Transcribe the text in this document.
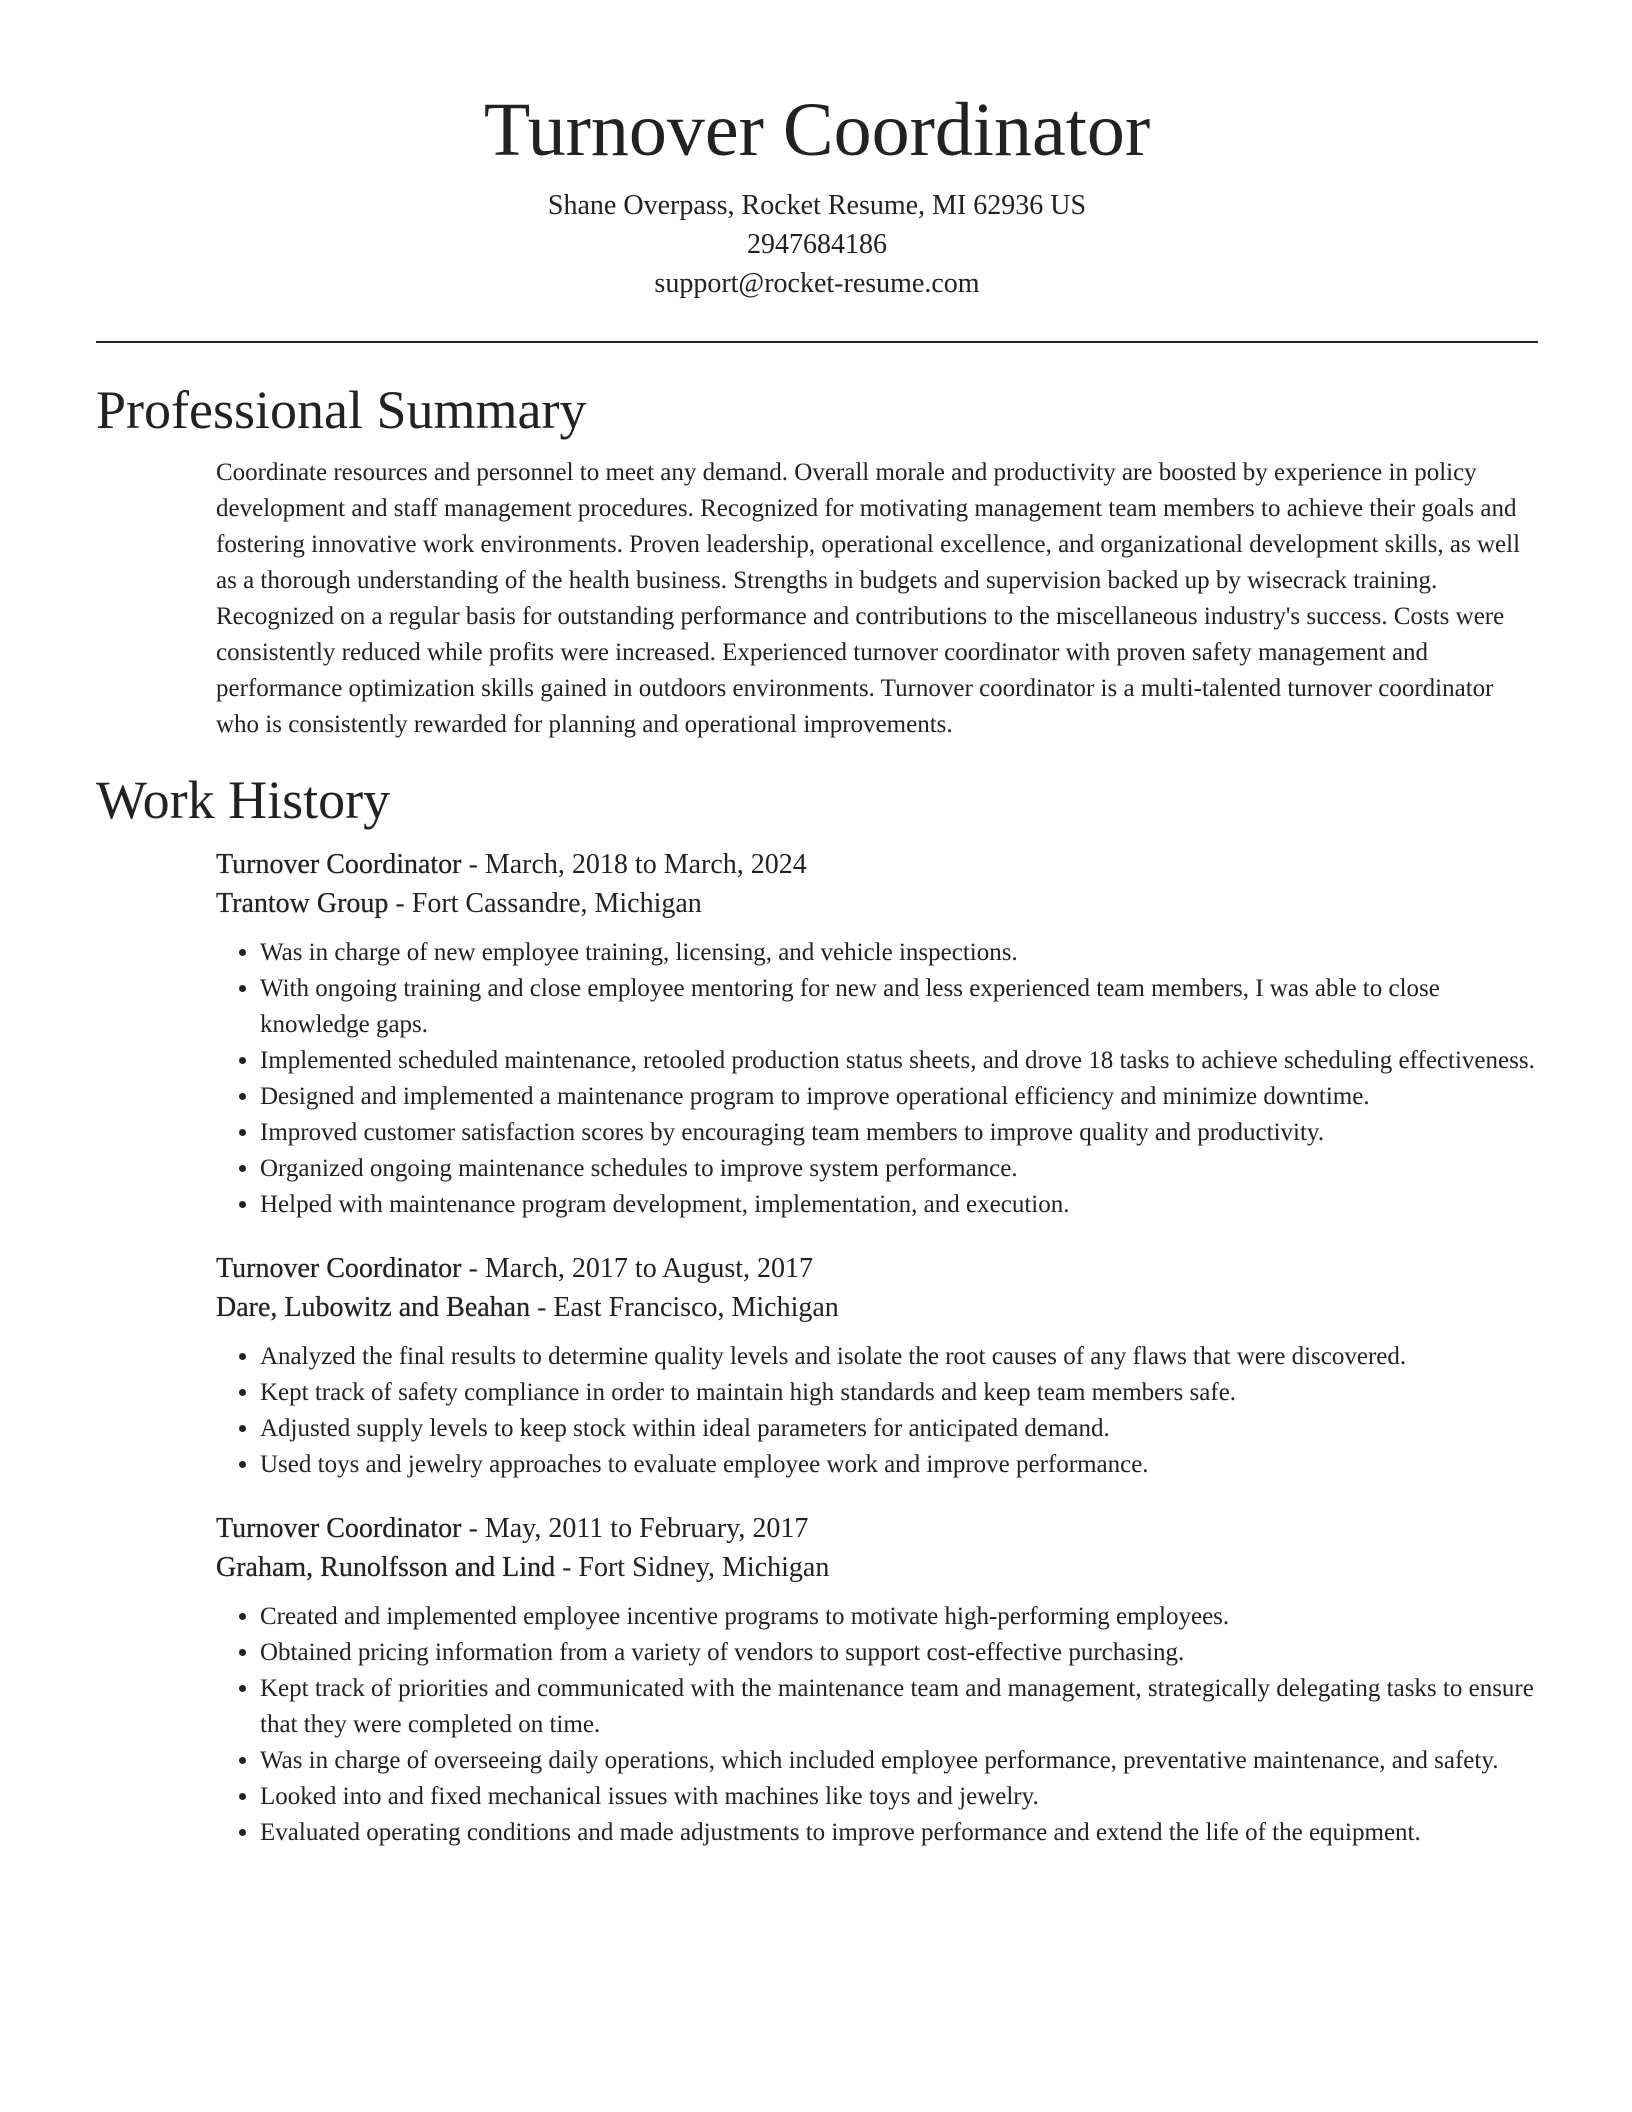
Turnover Coordinator
Shane Overpass, Rocket Resume, MI 62936 US
2947684186
support@rocket-resume.com
Professional Summary
Coordinate resources and personnel to meet any demand. Overall morale and productivity are boosted by experience in policy development and staff management procedures. Recognized for motivating management team members to achieve their goals and fostering innovative work environments. Proven leadership, operational excellence, and organizational development skills, as well as a thorough understanding of the health business. Strengths in budgets and supervision backed up by wisecrack training. Recognized on a regular basis for outstanding performance and contributions to the miscellaneous industry's success. Costs were consistently reduced while profits were increased. Experienced turnover coordinator with proven safety management and performance optimization skills gained in outdoors environments. Turnover coordinator is a multi-talented turnover coordinator who is consistently rewarded for planning and operational improvements.
Work History
Turnover Coordinator - March, 2018 to March, 2024
Trantow Group - Fort Cassandre, Michigan
• Was in charge of new employee training, licensing, and vehicle inspections.
• With ongoing training and close employee mentoring for new and less experienced team members, I was able to close knowledge gaps.
• Implemented scheduled maintenance, retooled production status sheets, and drove 18 tasks to achieve scheduling effectiveness.
• Designed and implemented a maintenance program to improve operational efficiency and minimize downtime.
• Improved customer satisfaction scores by encouraging team members to improve quality and productivity.
• Organized ongoing maintenance schedules to improve system performance.
• Helped with maintenance program development, implementation, and execution.
Turnover Coordinator - March, 2017 to August, 2017
Dare, Lubowitz and Beahan - East Francisco, Michigan
• Analyzed the final results to determine quality levels and isolate the root causes of any flaws that were discovered.
• Kept track of safety compliance in order to maintain high standards and keep team members safe.
• Adjusted supply levels to keep stock within ideal parameters for anticipated demand.
• Used toys and jewelry approaches to evaluate employee work and improve performance.
Turnover Coordinator - May, 2011 to February, 2017
Graham, Runolfsson and Lind - Fort Sidney, Michigan
• Created and implemented employee incentive programs to motivate high-performing employees.
• Obtained pricing information from a variety of vendors to support cost-effective purchasing.
• Kept track of priorities and communicated with the maintenance team and management, strategically delegating tasks to ensure that they were completed on time.
• Was in charge of overseeing daily operations, which included employee performance, preventative maintenance, and safety.
• Looked into and fixed mechanical issues with machines like toys and jewelry.
• Evaluated operating conditions and made adjustments to improve performance and extend the life of the equipment.
